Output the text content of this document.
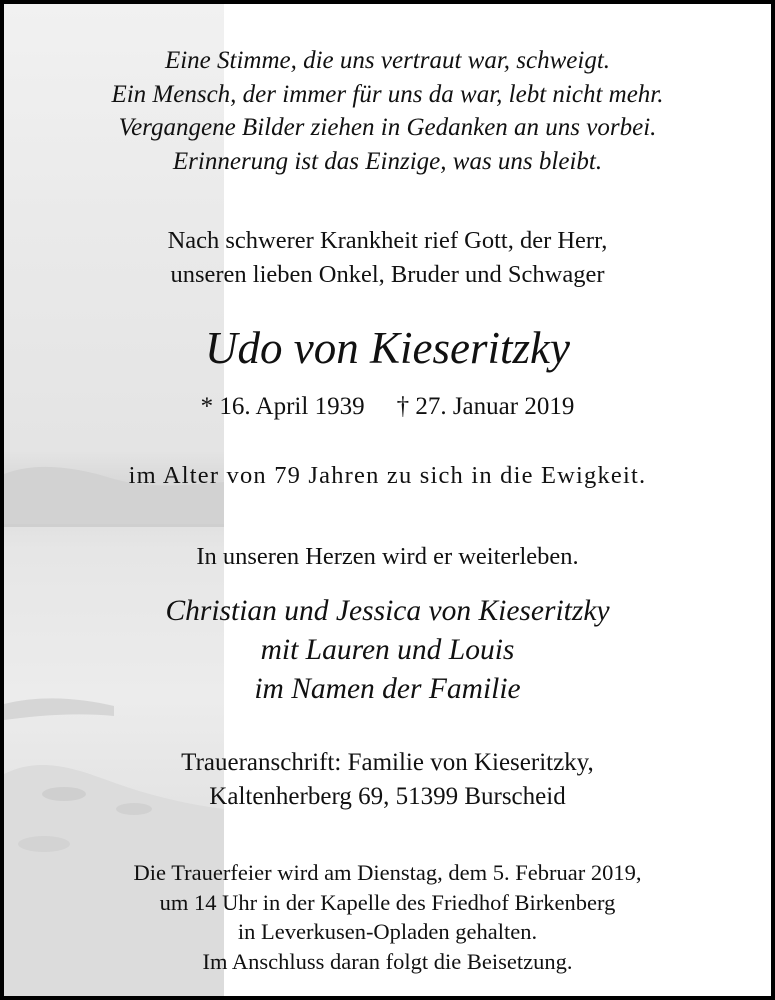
Eine Stimme, die uns vertraut war, schweigt.
Ein Mensch, der immer für uns da war, lebt nicht mehr.
Vergangene Bilder ziehen in Gedanken an uns vorbei.
Erinnerung ist das Einzige, was uns bleibt.
Nach schwerer Krankheit rief Gott, der Herr,
unseren lieben Onkel, Bruder und Schwager
Udo von Kieseritzky
* 16. April 1939 † 27. Januar 2019
im Alter von 79 Jahren zu sich in die Ewigkeit.
In unseren Herzen wird er weiterleben.
Christian und Jessica von Kieseritzky
mit Lauren und Louis
im Namen der Familie
Traueranschrift: Familie von Kieseritzky,
Kaltenherberg 69, 51399 Burscheid
Die Trauerfeier wird am Dienstag, dem 5. Februar 2019,
um 14 Uhr in der Kapelle des Friedhof Birkenberg
in Leverkusen-Opladen gehalten.
Im Anschluss daran folgt die Beisetzung.
